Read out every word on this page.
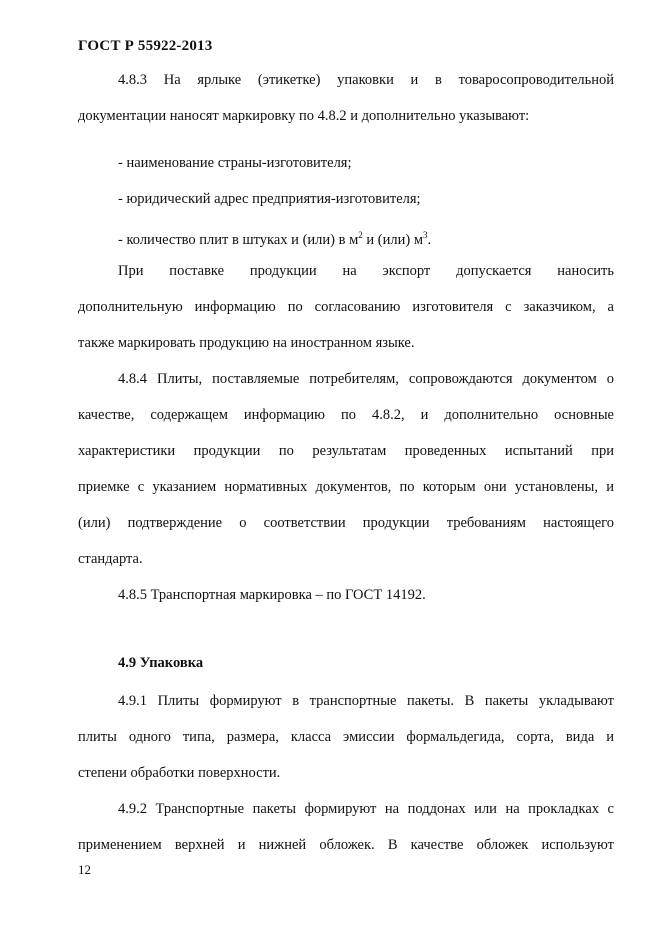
ГОСТ Р 55922-2013
4.8.3 На ярлыке (этикетке) упаковки и в товаросопроводительной
документации наносят маркировку по 4.8.2 и дополнительно указывают:
- наименование страны-изготовителя;
- юридический адрес предприятия-изготовителя;
- количество плит в штуках и (или) в $м^2$ и (или) $м^3$.
При поставке продукции на экспорт допускается наносить
дополнительную информацию по согласованию изготовителя с заказчиком, а
также маркировать продукцию на иностранном языке.
4.8.4 Плиты, поставляемые потребителям, сопровождаются документом о
качестве, содержащем информацию по 4.8.2, и дополнительно основные
характеристики продукции по результатам проведенных испытаний при
приемке с указанием нормативных документов, по которым они установлены, и
(или) подтверждение о соответствии продукции требованиям настоящего
стандарта.
4.8.5 Транспортная маркировка – по ГОСТ 14192.
4.9 Упаковка
4.9.1 Плиты формируют в транспортные пакеты. В пакеты укладывают
плиты одного типа, размера, класса эмиссии формальдегида, сорта, вида и
степени обработки поверхности.
4.9.2 Транспортные пакеты формируют на поддонах или на прокладках с
применением верхней и нижней обложек. В качестве обложек используют
12
